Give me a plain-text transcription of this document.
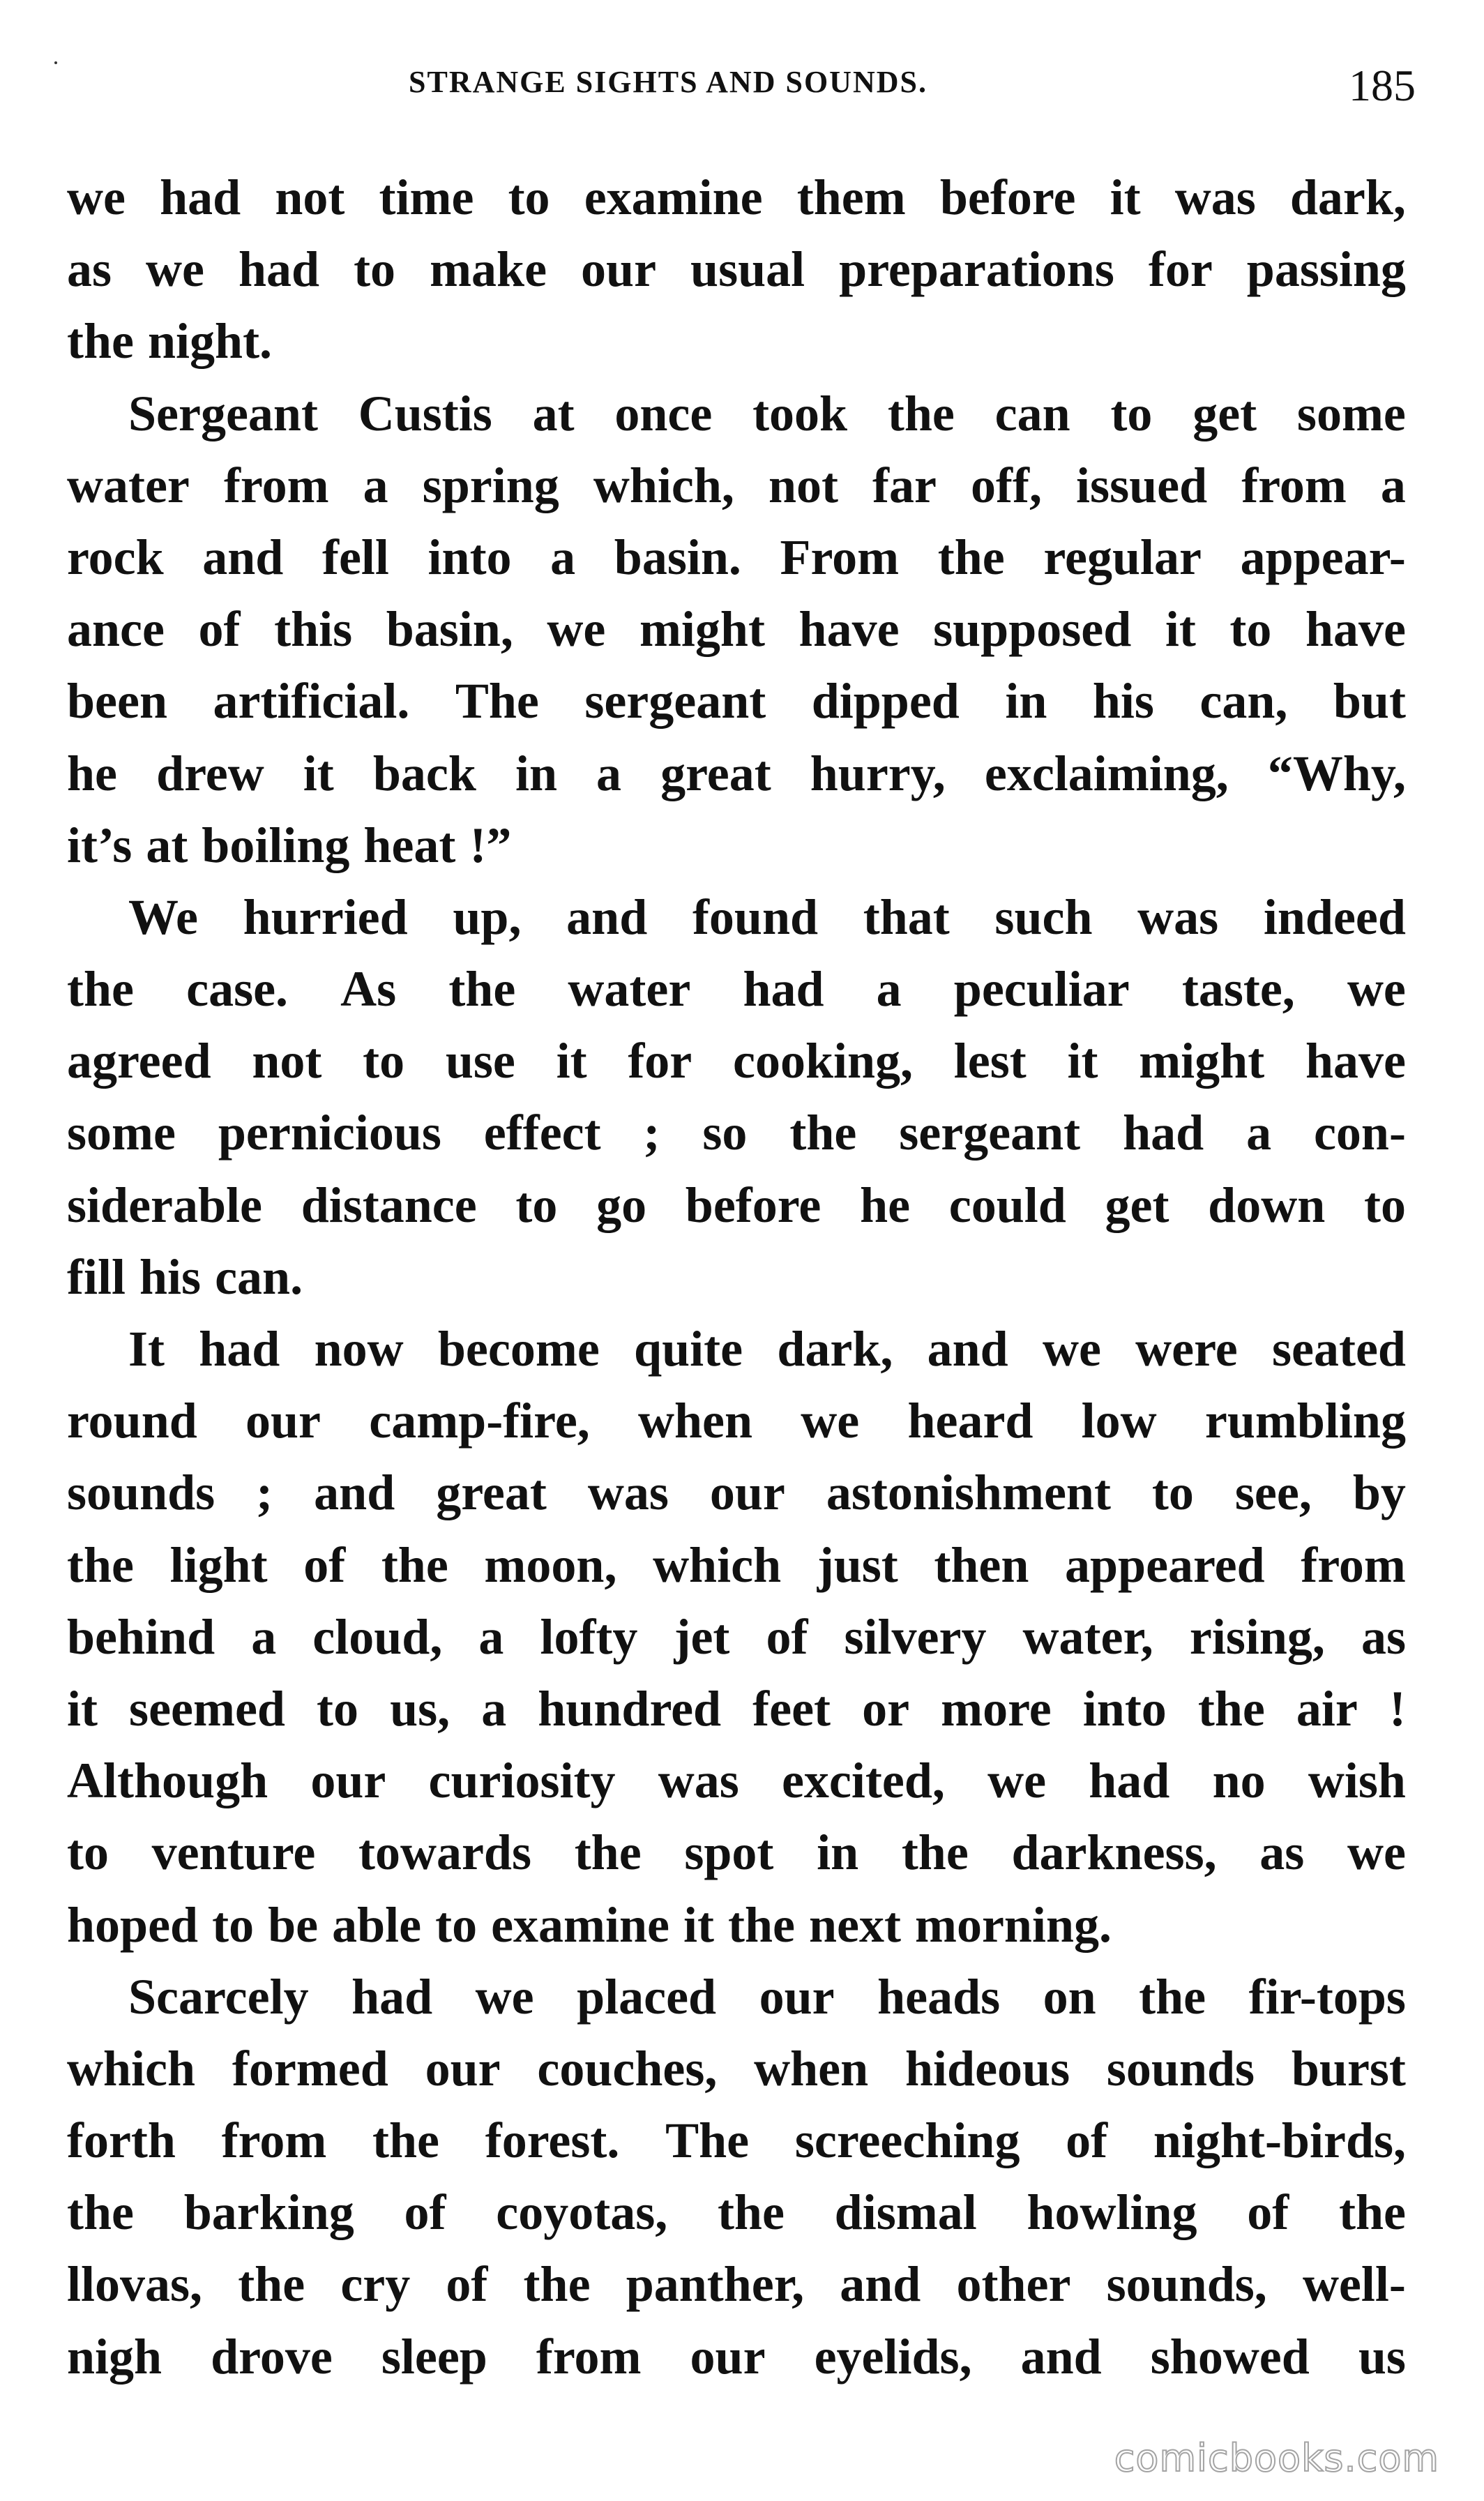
STRANGE SIGHTS AND SOUNDS.	185
we had not time to examine them before it was dark,
as we had to make our usual preparations for passing
the night.
Sergeant Custis at once took the can to get some
water from a spring which, not far off, issued from a
rock and fell into a basin. From the regular appear-
ance of this basin, we might have supposed it to have
been artificial. The sergeant dipped in his can, but
he drew it back in a great hurry, exclaiming, “Why,
it’s at boiling heat !”
We hurried up, and found that such was indeed
the case. As the water had a peculiar taste, we
agreed not to use it for cooking, lest it might have
some pernicious effect ; so the sergeant had a con-
siderable distance to go before he could get down to
fill his can.
It had now become quite dark, and we were seated
round our camp-fire, when we heard low rumbling
sounds ; and great was our astonishment to see, by
the light of the moon, which just then appeared from
behind a cloud, a lofty jet of silvery water, rising, as
it seemed to us, a hundred feet or more into the air !
Although our curiosity was excited, we had no wish
to venture towards the spot in the darkness, as we
hoped to be able to examine it the next morning.
Scarcely had we placed our heads on the fir-tops
which formed our couches, when hideous sounds burst
forth from the forest. The screeching of night-birds,
the barking of coyotas, the dismal howling of the
llovas, the cry of the panther, and other sounds, well-
nigh drove sleep from our eyelids, and showed us
comicbooks.com
